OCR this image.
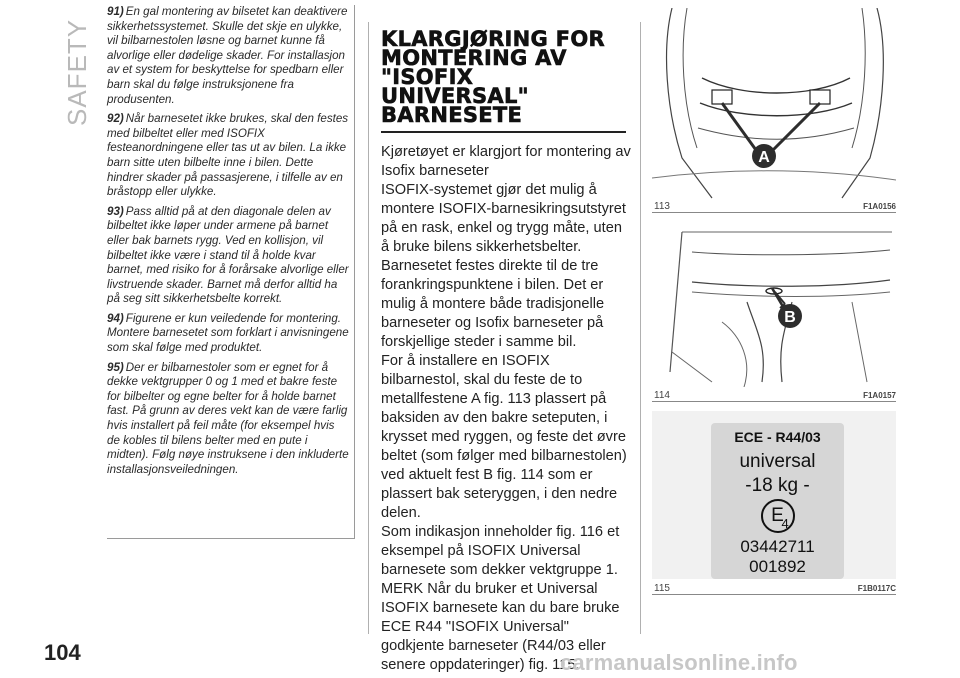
SAFETY
104

91) En gal montering av bilsetet kan deaktivere sikkerhetssystemet. Skulle det skje en ulykke, vil bilbarnestolen løsne og barnet kunne få alvorlige eller dødelige skader. For installasjon av et system for beskyttelse for spedbarn eller barn skal du følge instruksjonene fra produsenten.

92) Når barnesetet ikke brukes, skal den festes med bilbeltet eller med ISOFIX festeanordningene eller tas ut av bilen. La ikke barn sitte uten bilbelte inne i bilen. Dette hindrer skader på passasjerene, i tilfelle av en bråstopp eller ulykke.

93) Pass alltid på at den diagonale delen av bilbeltet ikke løper under armene på barnet eller bak barnets rygg. Ved en kollisjon, vil bilbeltet ikke være i stand til å holde kvar barnet, med risiko for å forårsake alvorlige eller livstruende skader. Barnet må derfor alltid ha på seg sitt sikkerhetsbelte korrekt.

94) Figurene er kun veiledende for montering. Montere barnesetet som forklart i anvisningene som skal følge med produktet.

95) Der er bilbarnestoler som er egnet for å dekke vektgrupper 0 og 1 med et bakre feste for bilbelter og egne belter for å holde barnet fast. På grunn av deres vekt kan de være farlig hvis installert på feil måte (for eksempel hvis de kobles til bilens belter med en pute i midten). Følg nøye instruksene i den inkluderte installasjonsveiledningen.

KLARGJØRING FOR
MONTERING AV
"ISOFIX
UNIVERSAL"
BARNESETE

Kjøretøyet er klargjort for montering av Isofix barneseter

ISOFIX-systemet gjør det mulig å montere ISOFIX-barnesikringsutstyret på en rask, enkel og trygg måte, uten å bruke bilens sikkerhetsbelter.

Barnesetet festes direkte til de tre forankringspunktene i bilen. Det er mulig å montere både tradisjonelle barneseter og Isofix barneseter på forskjellige steder i samme bil.

For å installere en ISOFIX bilbarnestol, skal du feste de to metallfestene A fig. 113 plassert på baksiden av den bakre seteputen, i krysset med ryggen, og feste det øvre beltet (som følger med bilbarnestolen) ved aktuelt fest B fig. 114 som er plassert bak seteryggen, i den nedre delen.

Som indikasjon inneholder fig. 116 et eksempel på ISOFIX Universal barnesete som dekker vektgruppe 1.

MERK Når du bruker et Universal ISOFIX barnesete kan du bare bruke ECE R44 "ISOFIX Universal" godkjente barneseter (R44/03 eller senere oppdateringer) fig. 115.

A
113	F1A0156
B
114	F1A0157
ECE - R44/03
universal
-18 kg -
E
4
03442711
001892
115	F1B0117C
carmanualsonline.info
